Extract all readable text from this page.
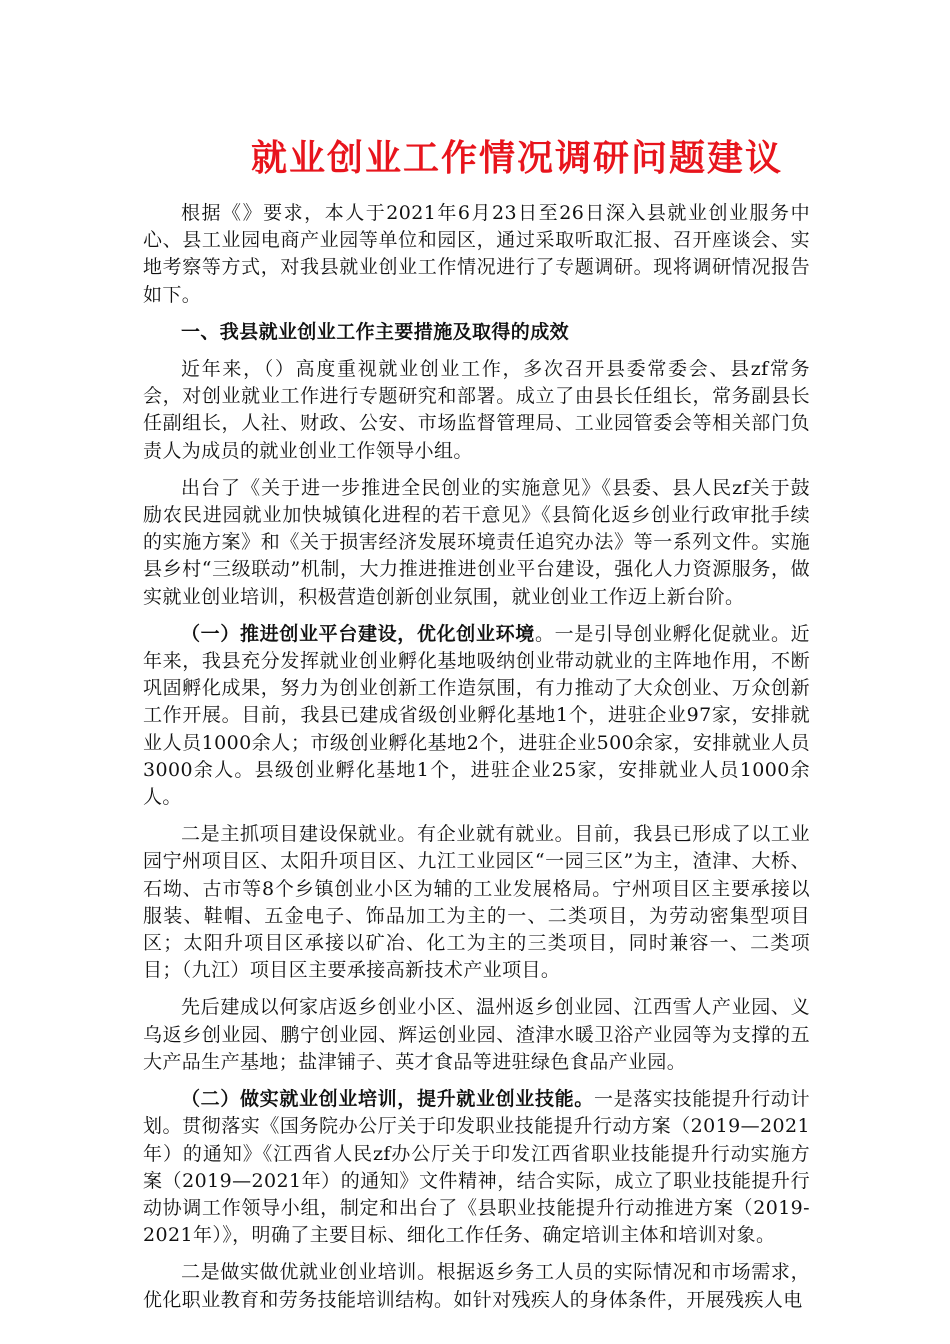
就业创业工作情况调研问题建议

根据《》要求，本人于2021年6月23日至26日深入县就业创业服务中心、县工业园电商产业园等单位和园区，通过采取听取汇报、召开座谈会、实地考察等方式，对我县就业创业工作情况进行了专题调研。现将调研情况报告如下。

一、我县就业创业工作主要措施及取得的成效

近年来，（）高度重视就业创业工作，多次召开县委常委会、县zf常务会，对创业就业工作进行专题研究和部署。成立了由县长任组长，常务副县长任副组长，人社、财政、公安、市场监督管理局、工业园管委会等相关部门负责人为成员的就业创业工作领导小组。

出台了《关于进一步推进全民创业的实施意见》《县委、县人民zf关于鼓励农民进园就业加快城镇化进程的若干意见》《县简化返乡创业行政审批手续的实施方案》和《关于损害经济发展环境责任追究办法》等一系列文件。实施县乡村“三级联动”机制，大力推进推进创业平台建设，强化人力资源服务，做实就业创业培训，积极营造创新创业氛围，就业创业工作迈上新台阶。

（一）推进创业平台建设，优化创业环境。一是引导创业孵化促就业。近年来，我县充分发挥就业创业孵化基地吸纳创业带动就业的主阵地作用，不断巩固孵化成果，努力为创业创新工作造氛围，有力推动了大众创业、万众创新工作开展。目前，我县已建成省级创业孵化基地1个，进驻企业97家，安排就业人员1000余人；市级创业孵化基地2个，进驻企业500余家，安排就业人员3000余人。县级创业孵化基地1个，进驻企业25家，安排就业人员1000余人。

二是主抓项目建设保就业。有企业就有就业。目前，我县已形成了以工业园宁州项目区、太阳升项目区、九江工业园区“一园三区”为主，渣津、大桥、石坳、古市等8个乡镇创业小区为辅的工业发展格局。宁州项目区主要承接以服装、鞋帽、五金电子、饰品加工为主的一、二类项目，为劳动密集型项目区；太阳升项目区承接以矿冶、化工为主的三类项目，同时兼容一、二类项目；（九江）项目区主要承接高新技术产业项目。

先后建成以何家店返乡创业小区、温州返乡创业园、江西雪人产业园、义乌返乡创业园、鹏宁创业园、辉运创业园、渣津水暖卫浴产业园等为支撑的五大产品生产基地；盐津铺子、英才食品等进驻绿色食品产业园。

（二）做实就业创业培训，提升就业创业技能。一是落实技能提升行动计划。贯彻落实《国务院办公厅关于印发职业技能提升行动方案（2019—2021年）的通知》《江西省人民zf办公厅关于印发江西省职业技能提升行动实施方案（2019—2021年）的通知》文件精神，结合实际，成立了职业技能提升行动协调工作领导小组，制定和出台了《县职业技能提升行动推进方案（2019-2021年）》，明确了主要目标、细化工作任务、确定培训主体和培训对象。

二是做实做优就业创业培训。根据返乡务工人员的实际情况和市场需求，优化职业教育和劳务技能培训结构。如针对残疾人的身体条件，开展残疾人电
